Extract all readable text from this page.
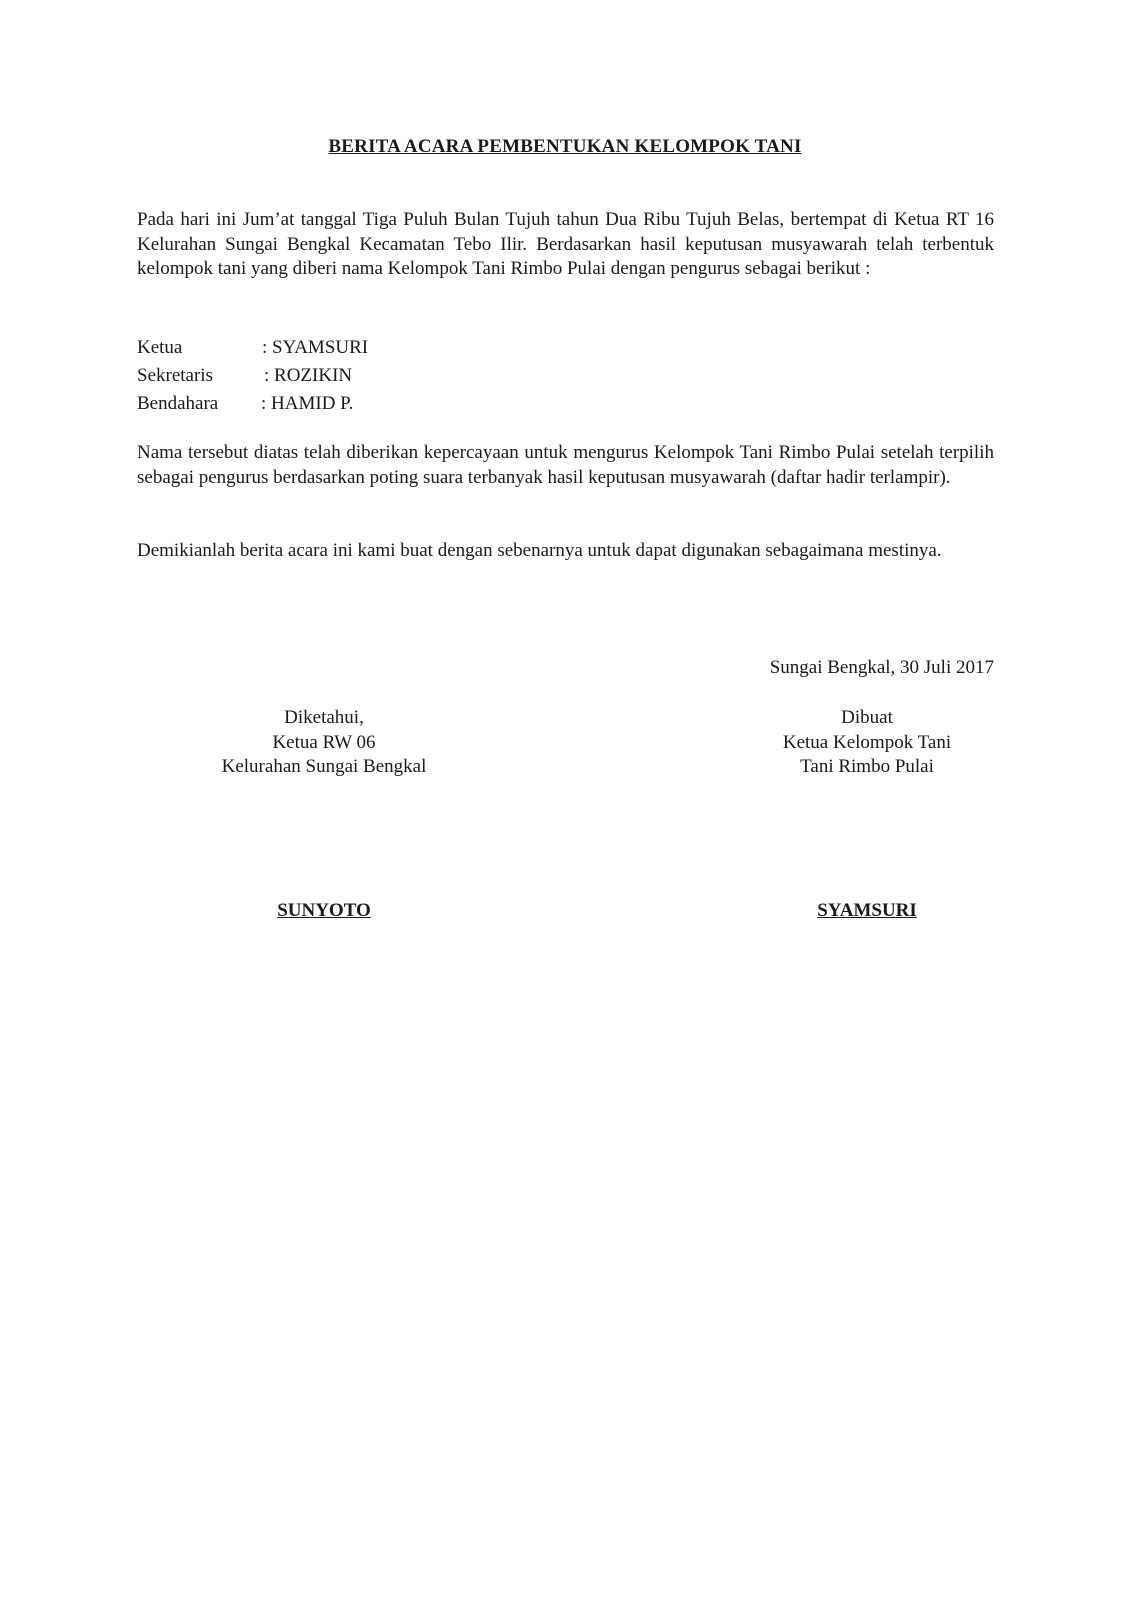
BERITA ACARA PEMBENTUKAN KELOMPOK TANI

Pada hari ini Jum’at tanggal Tiga Puluh Bulan Tujuh tahun Dua Ribu Tujuh Belas, bertempat di Ketua RT 16 Kelurahan Sungai Bengkal Kecamatan Tebo Ilir. Berdasarkan hasil keputusan musyawarah telah terbentuk kelompok tani yang diberi nama Kelompok Tani Rimbo Pulai dengan pengurus sebagai berikut :

Ketua	: SYAMSURI
Sekretaris	: ROZIKIN
Bendahara : HAMID P.

Nama tersebut diatas telah diberikan kepercayaan untuk mengurus Kelompok Tani Rimbo Pulai setelah terpilih sebagai pengurus berdasarkan poting suara terbanyak hasil keputusan musyawarah (daftar hadir terlampir).

Demikianlah berita acara ini kami buat dengan sebenarnya untuk dapat digunakan sebagaimana mestinya.

Sungai Bengkal, 30 Juli 2017
Diketahui,
Ketua RW 06
Kelurahan Sungai Bengkal
Dibuat
Ketua Kelompok Tani
Tani Rimbo Pulai
SUNYOTO	SYAMSURI
